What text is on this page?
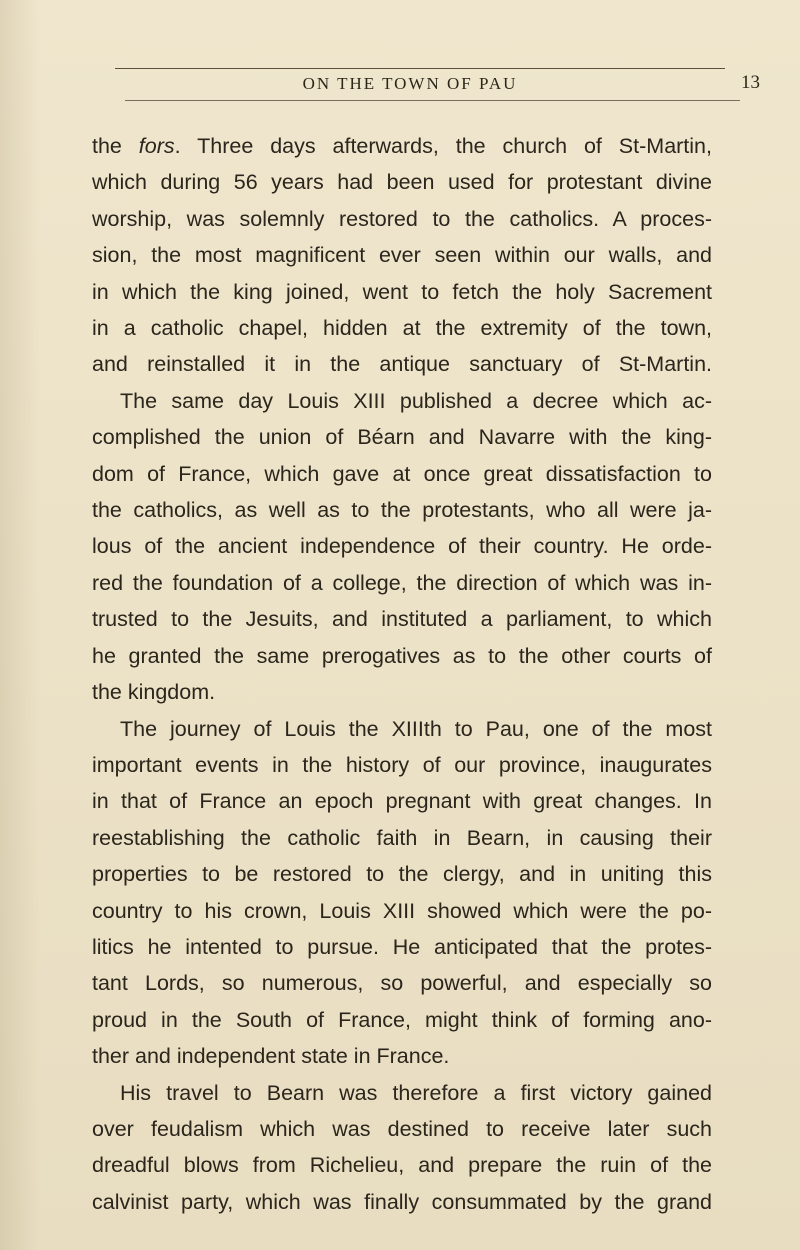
ON THE TOWN OF PAU	13
the fors. Three days afterwards, the church of St-Martin,
which during 56 years had been used for protestant divine
worship, was solemnly restored to the catholics. A proces-
sion, the most magnificent ever seen within our walls, and
in which the king joined, went to fetch the holy Sacrement
in a catholic chapel, hidden at the extremity of the town,
and reinstalled it in the antique sanctuary of St-Martin.
The same day Louis XIII published a decree which ac-
complished the union of Béarn and Navarre with the king-
dom of France, which gave at once great dissatisfaction to
the catholics, as well as to the protestants, who all were ja-
lous of the ancient independence of their country. He orde-
red the foundation of a college, the direction of which was in-
trusted to the Jesuits, and instituted a parliament, to which
he granted the same prerogatives as to the other courts of
the kingdom.
The journey of Louis the XIIIth to Pau, one of the most
important events in the history of our province, inaugurates
in that of France an epoch pregnant with great changes. In
reestablishing the catholic faith in Bearn, in causing their
properties to be restored to the clergy, and in uniting this
country to his crown, Louis XIII showed which were the po-
litics he intented to pursue. He anticipated that the protes-
tant Lords, so numerous, so powerful, and especially so
proud in the South of France, might think of forming ano-
ther and independent state in France.
His travel to Bearn was therefore a first victory gained
over feudalism which was destined to receive later such
dreadful blows from Richelieu, and prepare the ruin of the
calvinist party, which was finally consummated by the grand
